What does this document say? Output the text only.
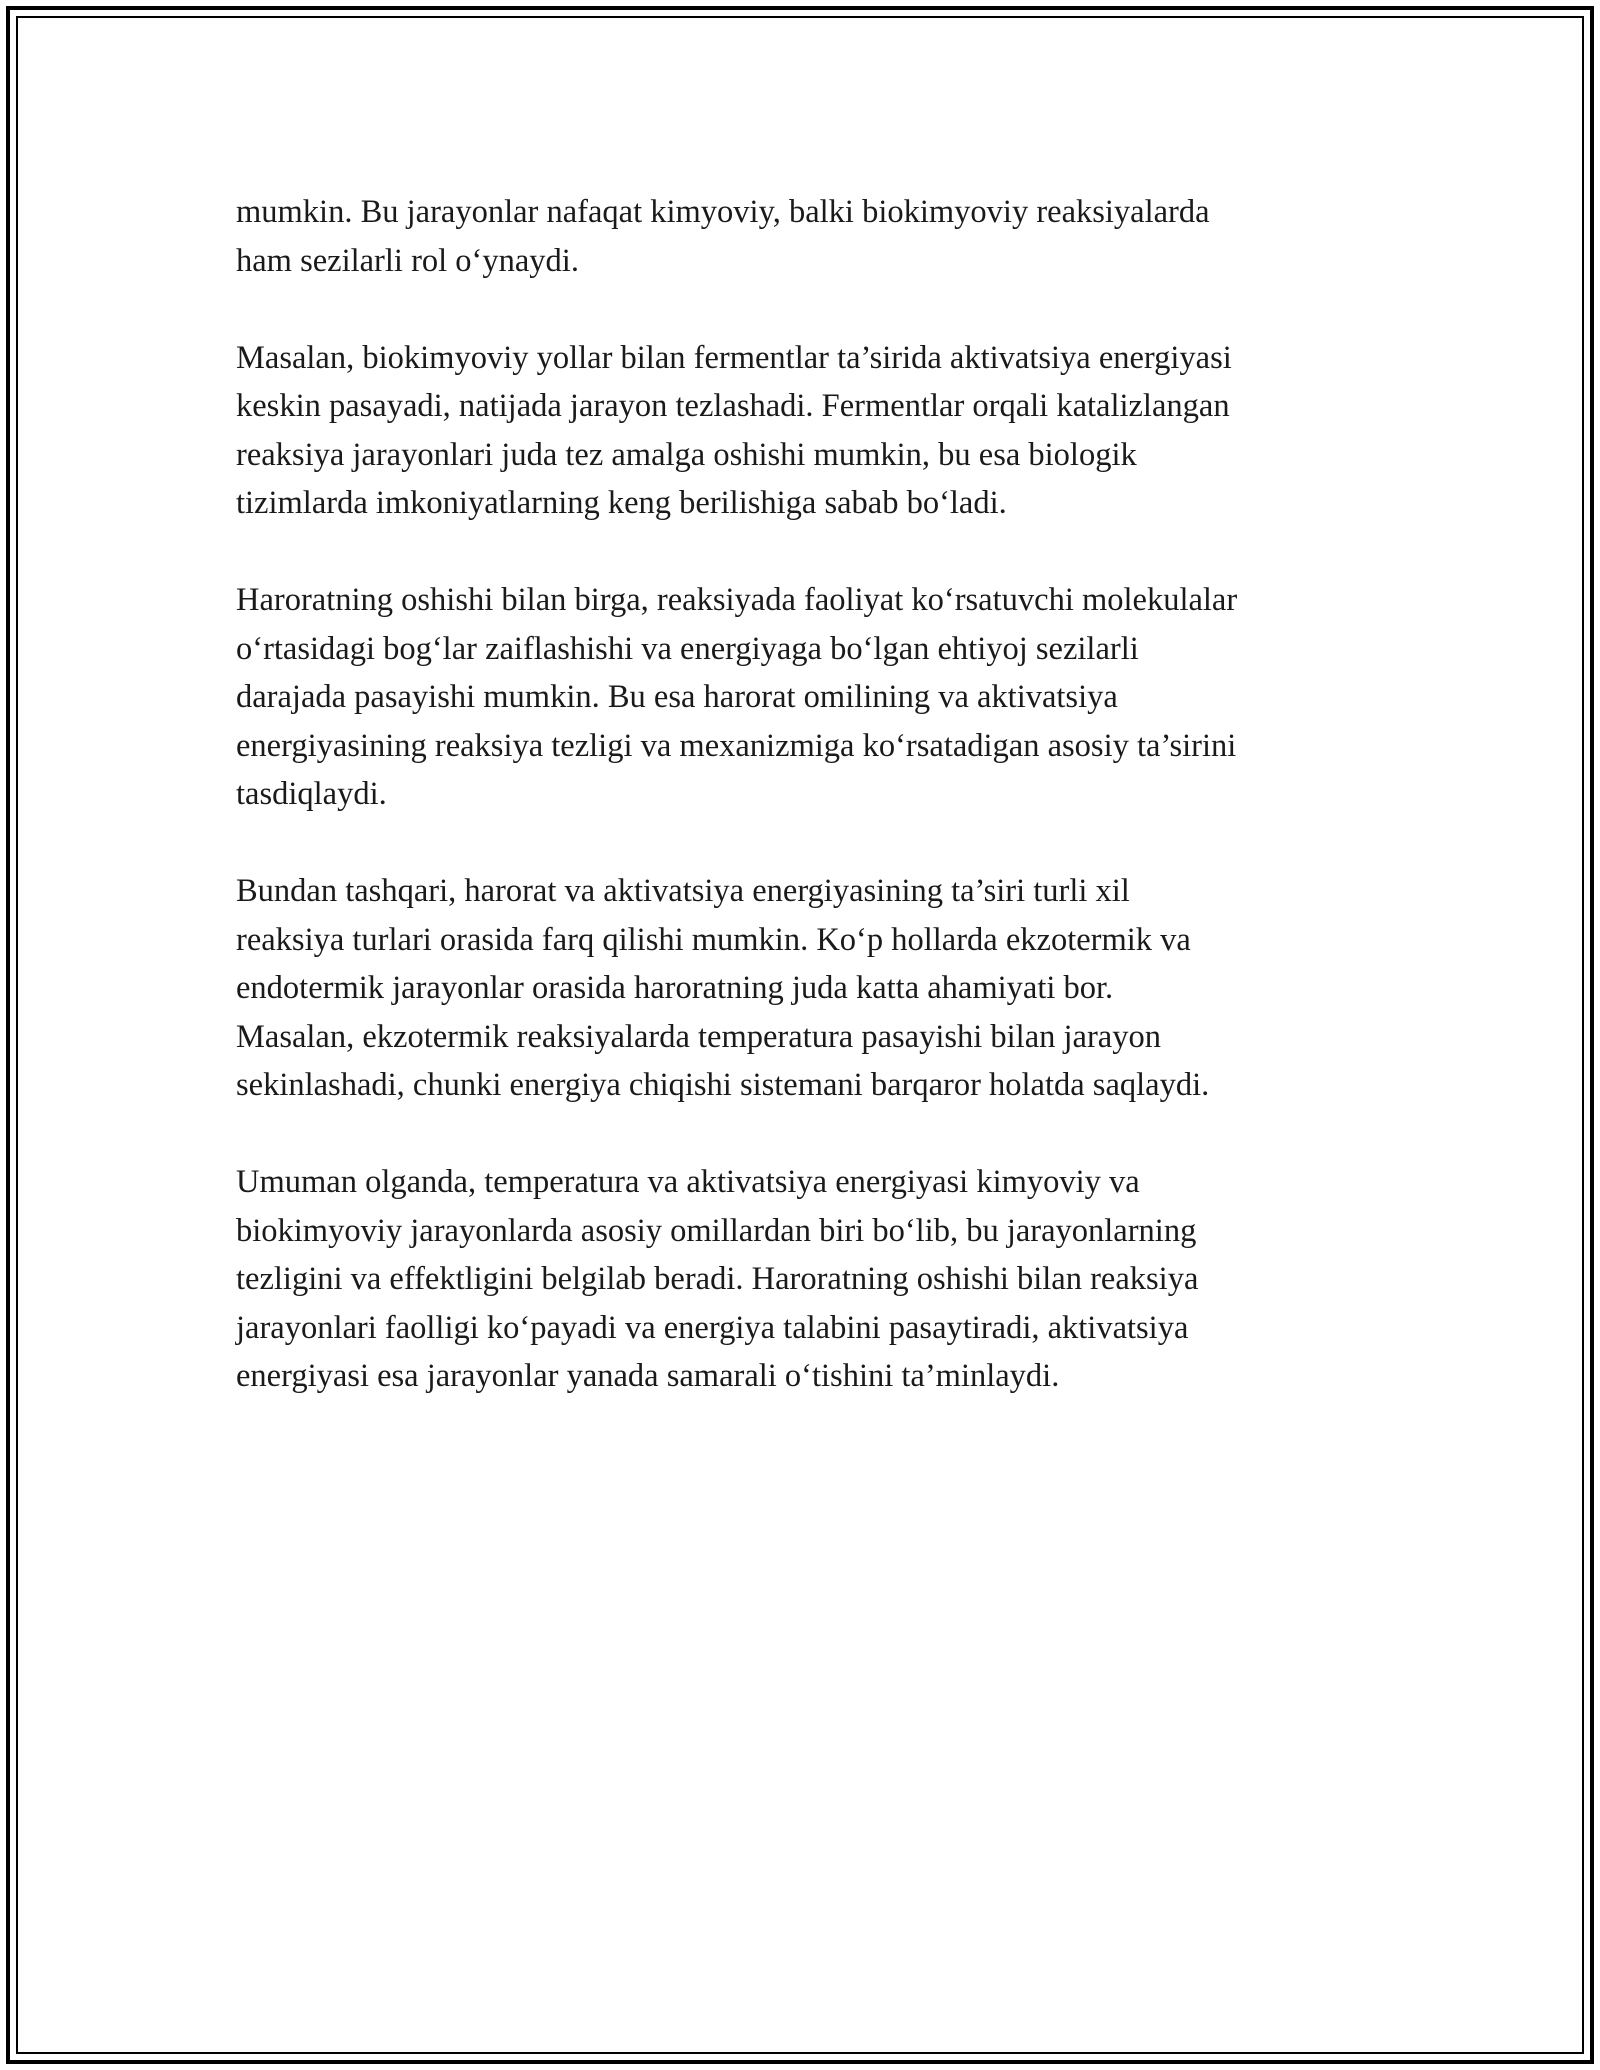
mumkin. Bu jarayonlar nafaqat kimyoviy, balki biokimyoviy reaksiyalarda
ham sezilarli rol o‘ynaydi.

Masalan, biokimyoviy yollar bilan fermentlar ta’sirida aktivatsiya energiyasi
keskin pasayadi, natijada jarayon tezlashadi. Fermentlar orqali katalizlangan
reaksiya jarayonlari juda tez amalga oshishi mumkin, bu esa biologik
tizimlarda imkoniyatlarning keng berilishiga sabab bo‘ladi.

Haroratning oshishi bilan birga, reaksiyada faoliyat ko‘rsatuvchi molekulalar
o‘rtasidagi bog‘lar zaiflashishi va energiyaga bo‘lgan ehtiyoj sezilarli
darajada pasayishi mumkin. Bu esa harorat omilining va aktivatsiya
energiyasining reaksiya tezligi va mexanizmiga ko‘rsatadigan asosiy ta’sirini
tasdiqlaydi.

Bundan tashqari, harorat va aktivatsiya energiyasining ta’siri turli xil
reaksiya turlari orasida farq qilishi mumkin. Ko‘p hollarda ekzotermik va
endotermik jarayonlar orasida haroratning juda katta ahamiyati bor.
Masalan, ekzotermik reaksiyalarda temperatura pasayishi bilan jarayon
sekinlashadi, chunki energiya chiqishi sistemani barqaror holatda saqlaydi.

Umuman olganda, temperatura va aktivatsiya energiyasi kimyoviy va
biokimyoviy jarayonlarda asosiy omillardan biri bo‘lib, bu jarayonlarning
tezligini va effektligini belgilab beradi. Haroratning oshishi bilan reaksiya
jarayonlari faolligi ko‘payadi va energiya talabini pasaytiradi, aktivatsiya
energiyasi esa jarayonlar yanada samarali o‘tishini ta’minlaydi.
